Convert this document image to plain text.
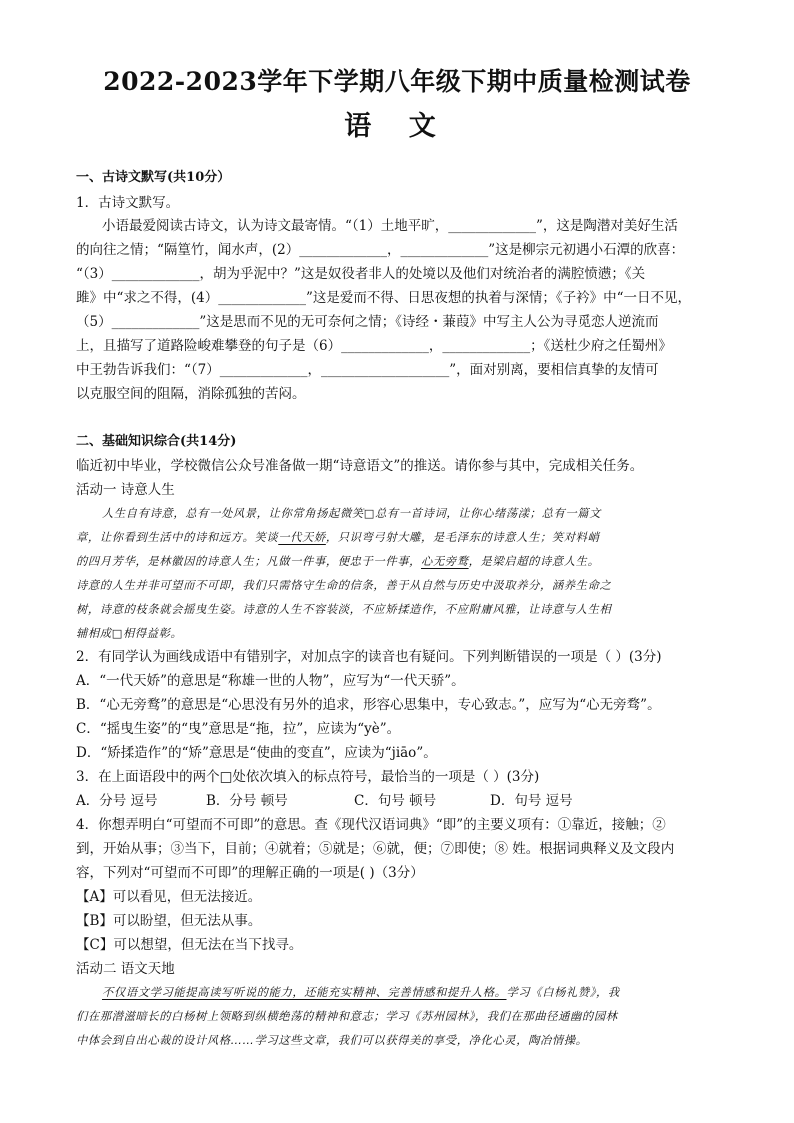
2022-2023学年下学期八年级下期中质量检测试卷
语 文
一、古诗文默写(共10分）
1．古诗文默写。
小语最爱阅读古诗文，认为诗文最寄情。“（1）土地平旷，_____________”，这是陶潜对美好生活
的向往之情；“隔篁竹，闻水声，(2）_____________，_____________”这是柳宗元初遇小石潭的欣喜：
“（3）_____________，胡为乎泥中？”这是奴役者非人的处境以及他们对统治者的满腔愤懑；《关
雎》中“求之不得，(4）_____________”这是爱而不得、日思夜想的执着与深情；《子衿》中“一日不见，
（5）_____________”这是思而不见的无可奈何之情；《诗经・蒹葭》中写主人公为寻觅恋人逆流而
上，且描写了道路险峻难攀登的句子是（6）_____________，_____________；《送杜少府之任蜀州》
中王勃告诉我们：“（7）_____________，___________________”，面对别离，要相信真挚的友情可
以克服空间的阻隔，消除孤独的苦闷。
二、基础知识综合(共14分)
临近初中毕业，学校微信公众号准备做一期“诗意语文”的推送。请你参与其中，完成相关任务。
活动一 诗意人生
人生自有诗意，总有一处风景，让你常角扬起微笑□总有一首诗词，让你心绪荡漾；总有一篇文
章，让你看到生活中的诗和远方。笑谈一代天娇，只识弯弓射大雕，是毛泽东的诗意人生；笑对料峭
的四月芳华，是林徽因的诗意人生；凡做一件事，便忠于一件事，心无旁鹜，是梁启超的诗意人生。
诗意的人生并非可望而不可即，我们只需恪守生命的信条，善于从自然与历史中汲取养分，涵养生命之
树，诗意的枝条就会摇曳生姿。诗意的人生不容装淡，不应矫揉造作，不应附庸风雅，让诗意与人生相
辅相成□相得益彰。
2．有同学认为画线成语中有错别字，对加点字的读音也有疑问。下列判断错误的一项是（ ）(3分)
A．“一代天娇”的意思是“称雄一世的人物”，应写为“一代天骄”。
B．“心无旁鹜”的意思是“心思没有另外的追求，形容心思集中，专心致志。”，应写为“心无旁骛”。
C．“摇曳生姿”的“曳”意思是“拖，拉”，应读为“yè”。
D．“矫揉造作”的“矫”意思是“使曲的变直”，应读为“jiāo”。
3．在上面语段中的两个□处依次填入的标点符号，最恰当的一项是（ ）(3分)
A．分号 逗号	B．分号 顿号	C．句号 顿号	D．句号 逗号
4．你想弄明白“可望而不可即”的意思。查《现代汉语词典》“即”的主要义项有：①靠近，接触；②
到，开始从事；③当下，目前；④就着；⑤就是；⑥就，便；⑦即使；⑧ 姓。根据词典释义及文段内
容，下列对“可望而不可即”的理解正确的一项是( )（3分）
【A】可以看见，但无法接近。
【B】可以盼望，但无法从事。
【C】可以想望，但无法在当下找寻。
活动二 语文天地
不仅语文学习能提高读写听说的能力，还能充实精神、完善情感和提升人格。学习《白杨礼赞》，我
们在那潜滋暗长的白杨树上领略到纵横绝荡的精神和意志；学习《苏州园林》，我们在那曲径通幽的园林
中体会到自出心裁的设计风格……学习这些文章，我们可以获得美的享受，净化心灵，陶冶情操。
